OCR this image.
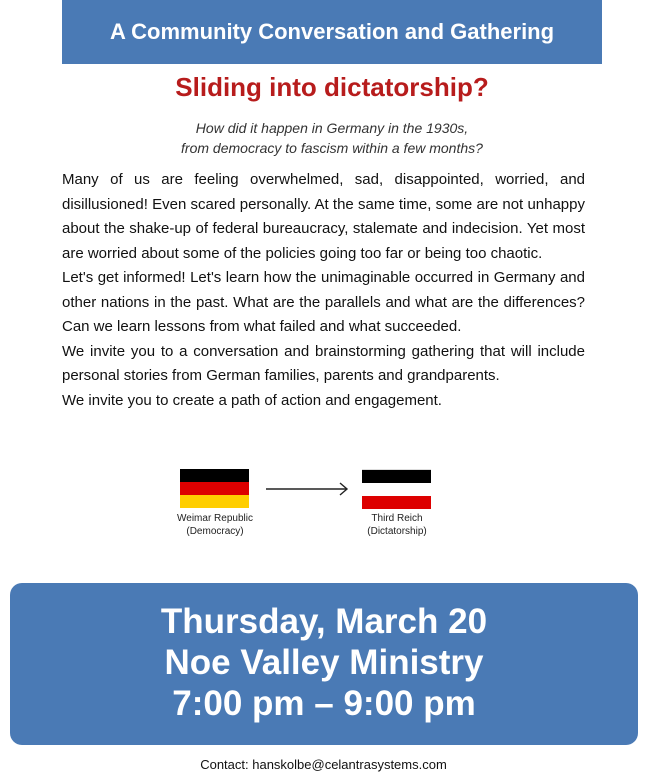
A Community Conversation and Gathering
Sliding into dictatorship?
How did it happen in Germany in the 1930s,
from democracy to fascism within a few months?

Many of us are feeling overwhelmed, sad, disappointed, worried, and disillusioned! Even scared personally. At the same time, some are not unhappy about the shake-up of federal bureaucracy, stalemate and indecision. Yet most are worried about some of the policies going too far or being too chaotic.

Let's get informed! Let's learn how the unimaginable occurred in Germany and other nations in the past. What are the parallels and what are the differences? Can we learn lessons from what failed and what succeeded.

We invite you to a conversation and brainstorming gathering that will include personal stories from German families, parents and grandparents.

We invite you to create a path of action and engagement.

Weimar Republic
(Democracy)
Third Reich
(Dictatorship)
Thursday, March 20
Noe Valley Ministry
7:00 pm – 9:00 pm
Contact: hanskolbe@celantrasystems.com
